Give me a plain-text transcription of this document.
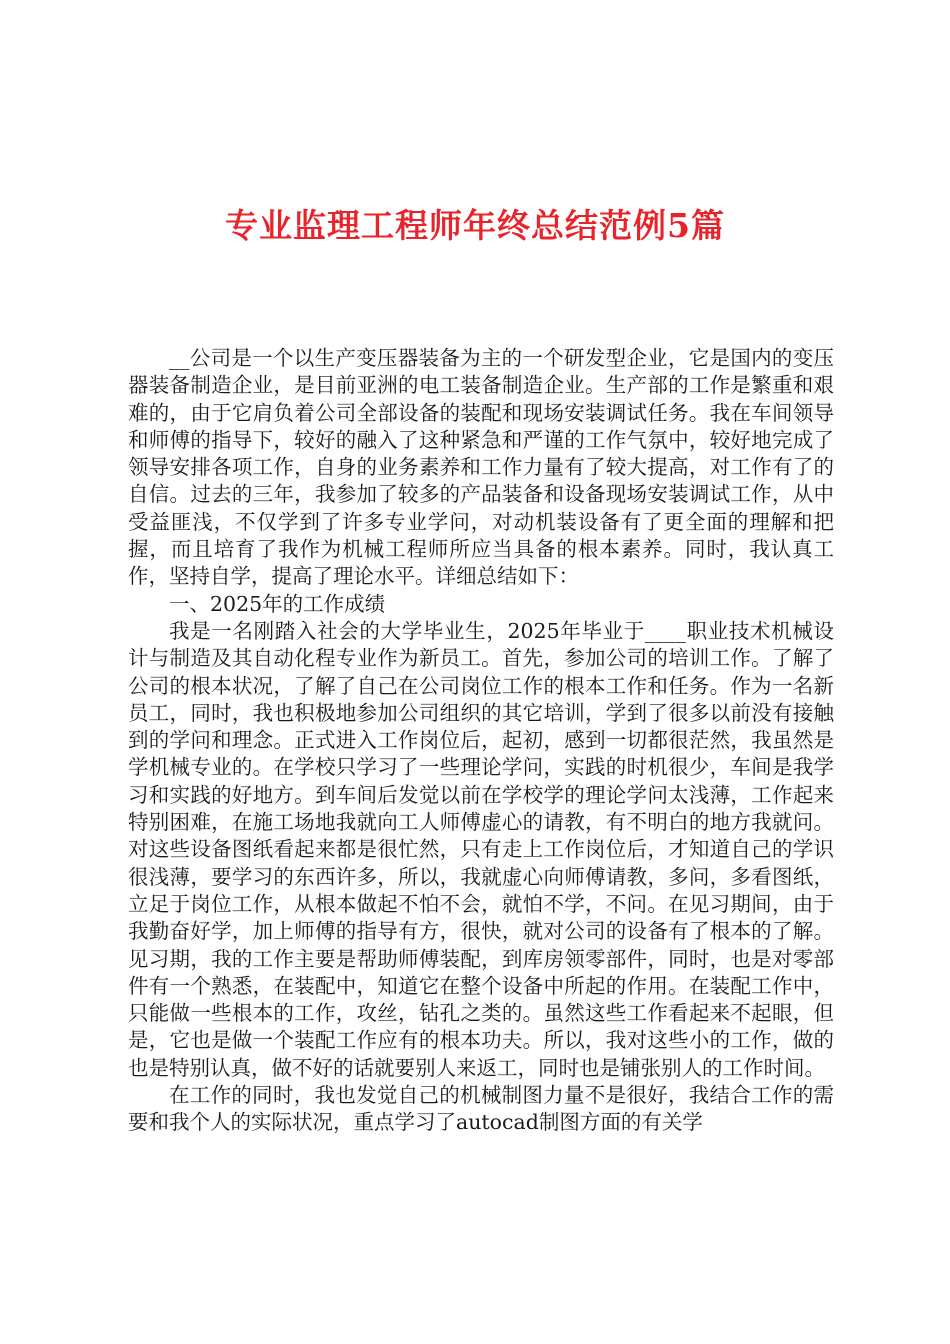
专业监理工程师年终总结范例5篇

__公司是一个以生产变压器装备为主的一个研发型企业，它是国内的变压器装备制造企业，是目前亚洲的电工装备制造企业。生产部的工作是繁重和艰难的，由于它肩负着公司全部设备的装配和现场安装调试任务。我在车间领导和师傅的指导下，较好的融入了这种紧急和严谨的工作气氛中，较好地完成了领导安排各项工作，自身的业务素养和工作力量有了较大提高，对工作有了的自信。过去的三年，我参加了较多的产品装备和设备现场安装调试工作，从中受益匪浅，不仅学到了许多专业学问，对动机装设备有了更全面的理解和把握，而且培育了我作为机械工程师所应当具备的根本素养。同时，我认真工作，坚持自学，提高了理论水平。详细总结如下：

一、2025年的工作成绩

我是一名刚踏入社会的大学毕业生，2025年毕业于____职业技术机械设计与制造及其自动化程专业作为新员工。首先，参加公司的培训工作。了解了公司的根本状况，了解了自己在公司岗位工作的根本工作和任务。作为一名新员工，同时，我也积极地参加公司组织的其它培训，学到了很多以前没有接触到的学问和理念。正式进入工作岗位后，起初，感到一切都很茫然，我虽然是学机械专业的。在学校只学习了一些理论学问，实践的时机很少，车间是我学习和实践的好地方。到车间后发觉以前在学校学的理论学问太浅薄，工作起来特别困难，在施工场地我就向工人师傅虚心的请教，有不明白的地方我就问。对这些设备图纸看起来都是很忙然，只有走上工作岗位后，才知道自己的学识很浅薄，要学习的东西许多，所以，我就虚心向师傅请教，多问，多看图纸，立足于岗位工作，从根本做起不怕不会，就怕不学，不问。在见习期间，由于我勤奋好学，加上师傅的指导有方，很快，就对公司的设备有了根本的了解。见习期，我的工作主要是帮助师傅装配，到库房领零部件，同时，也是对零部件有一个熟悉，在装配中，知道它在整个设备中所起的作用。在装配工作中，只能做一些根本的工作，攻丝，钻孔之类的。虽然这些工作看起来不起眼，但是，它也是做一个装配工作应有的根本功夫。所以，我对这些小的工作，做的也是特别认真，做不好的话就要别人来返工，同时也是铺张别人的工作时间。

在工作的同时，我也发觉自己的机械制图力量不是很好，我结合工作的需要和我个人的实际状况，重点学习了autocad制图方面的有关学
